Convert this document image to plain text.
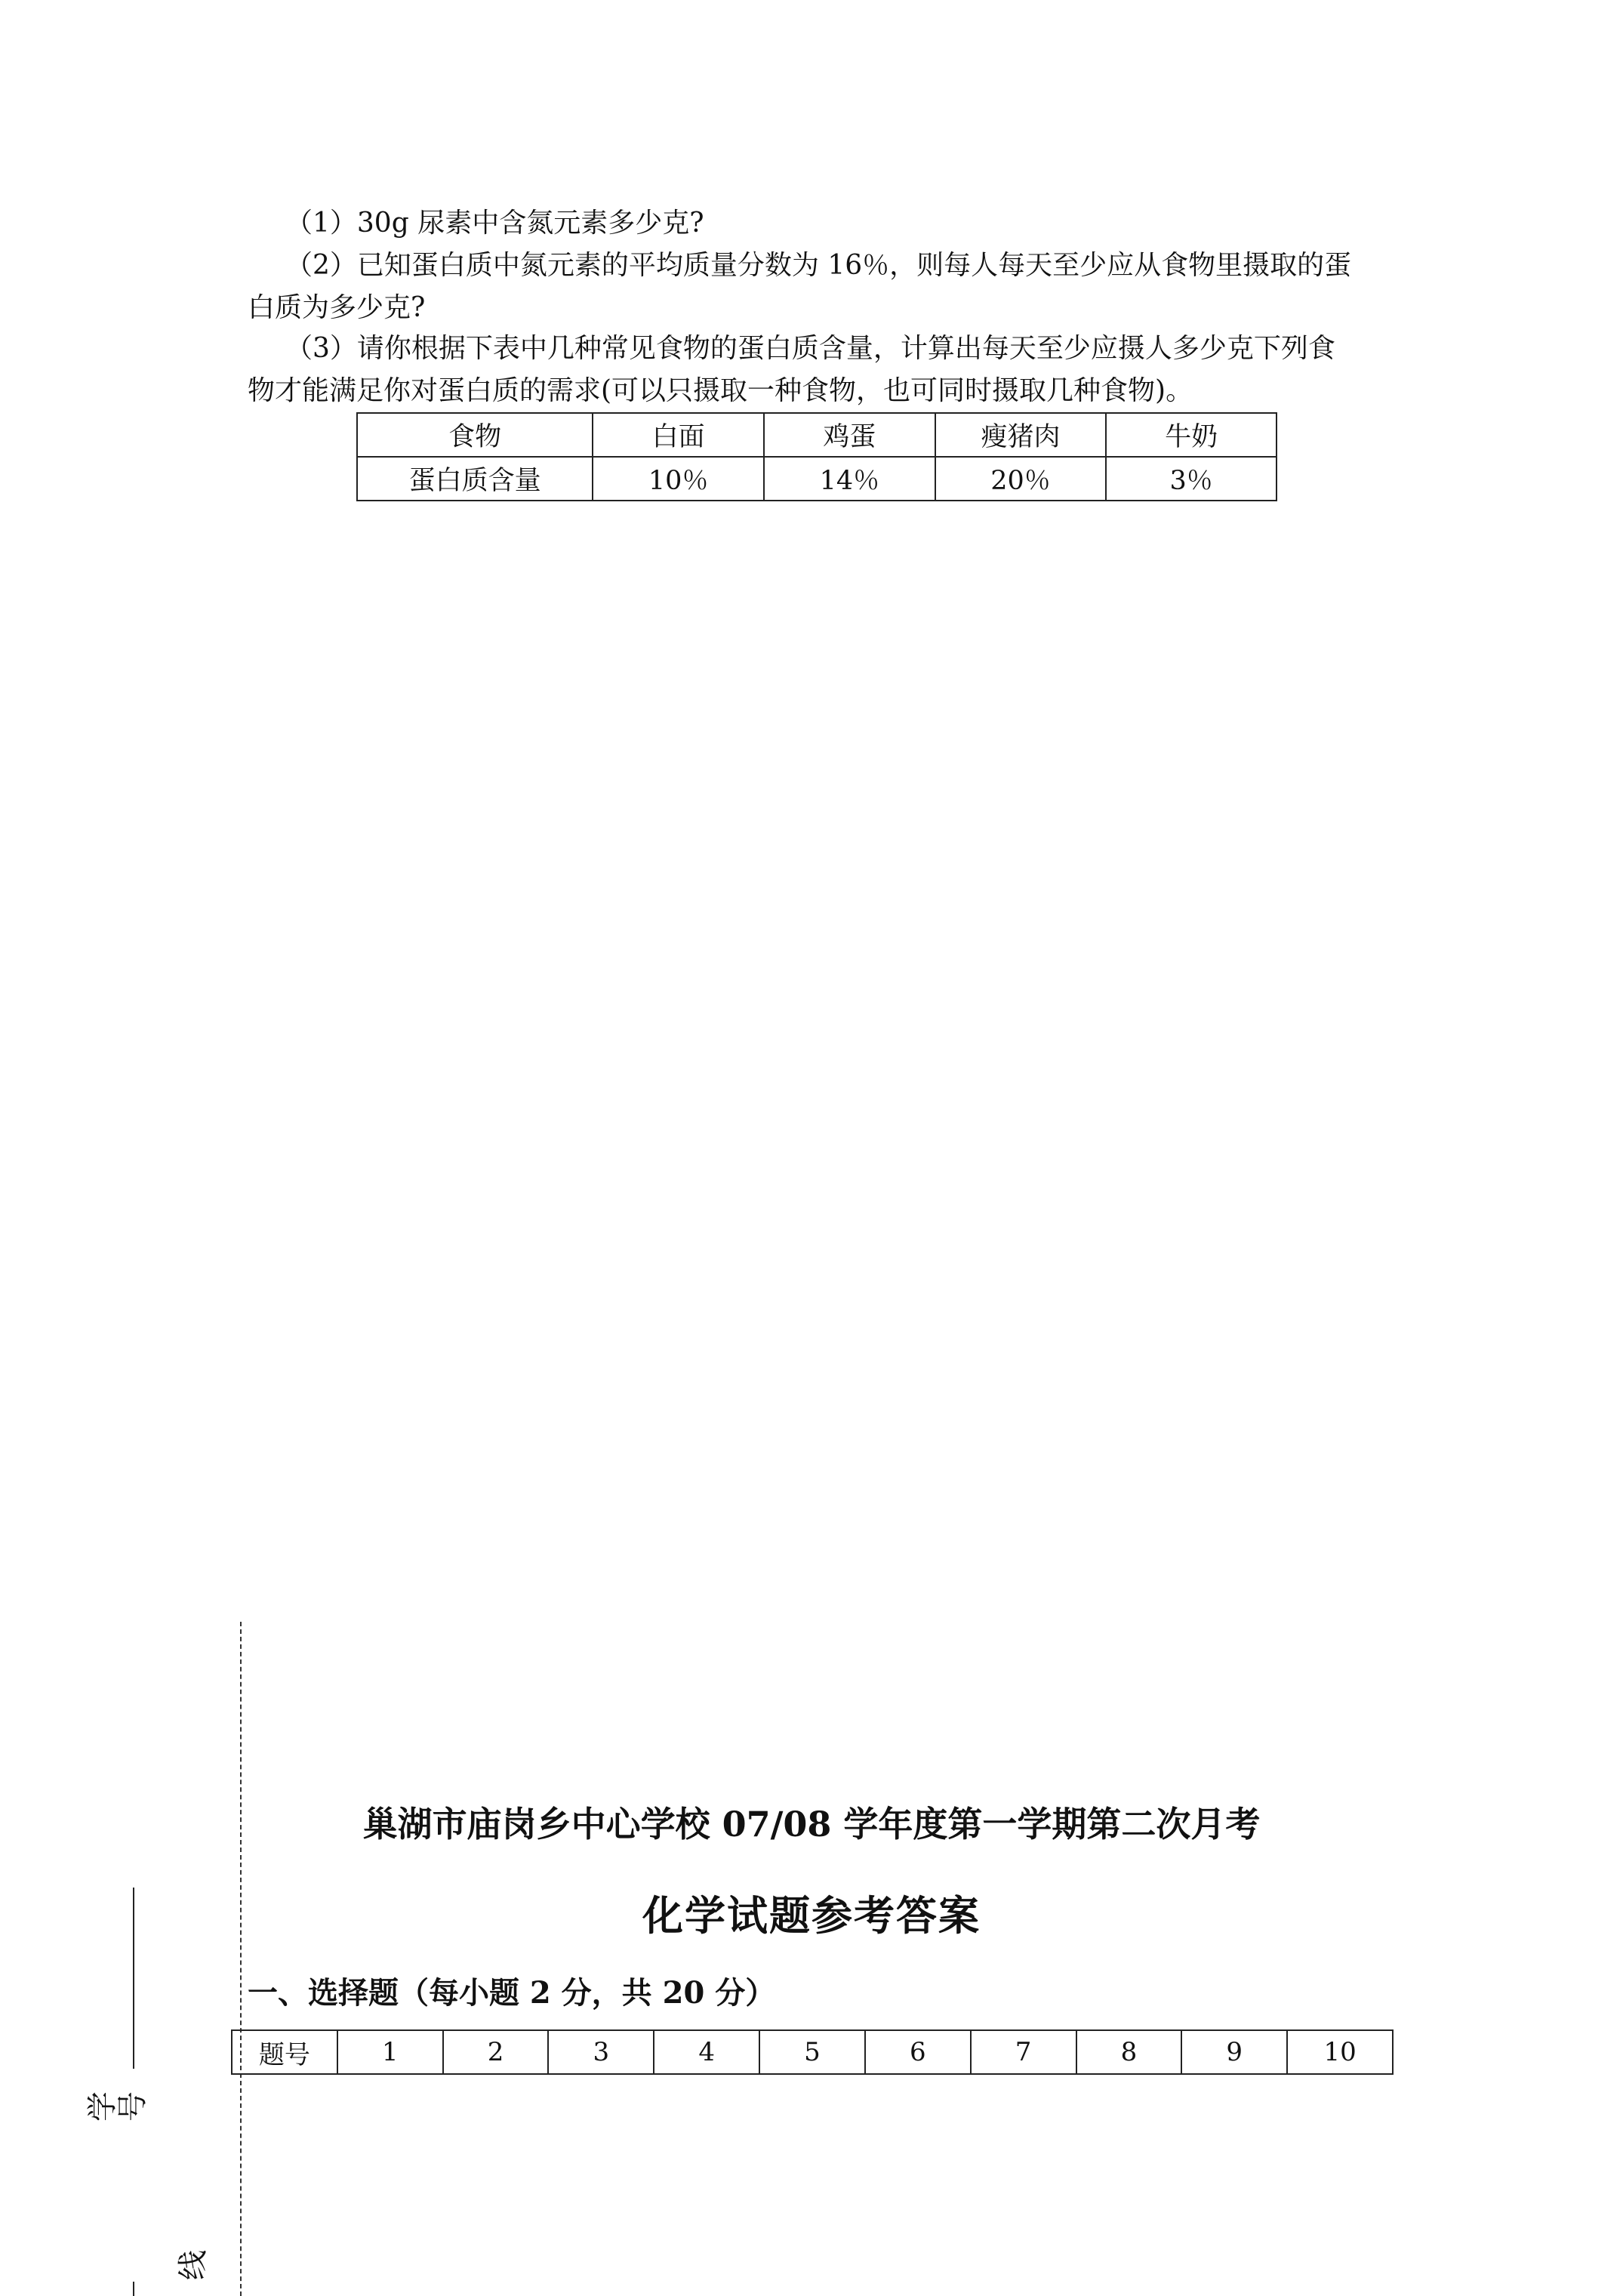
（1）30g 尿素中含氮元素多少克?

（2）已知蛋白质中氮元素的平均质量分数为 16％，则每人每天至少应从食物里摄取的蛋
白质为多少克?

（3）请你根据下表中几种常见食物的蛋白质含量，计算出每天至少应摄人多少克下列食
物才能满足你对蛋白质的需求(可以只摄取一种食物，也可同时摄取几种食物)。

食物	白面	鸡蛋	瘦猪肉	牛奶
蛋白质含量	10％	14％	20％	3％
巢湖市庙岗乡中心学校 07/08 学年度第一学期第二次月考
化学试题参考答案

一、选择题（每小题 2 分，共 20 分）

题号	1	2	3	4	5	6	7	8	9	10
学号
线
